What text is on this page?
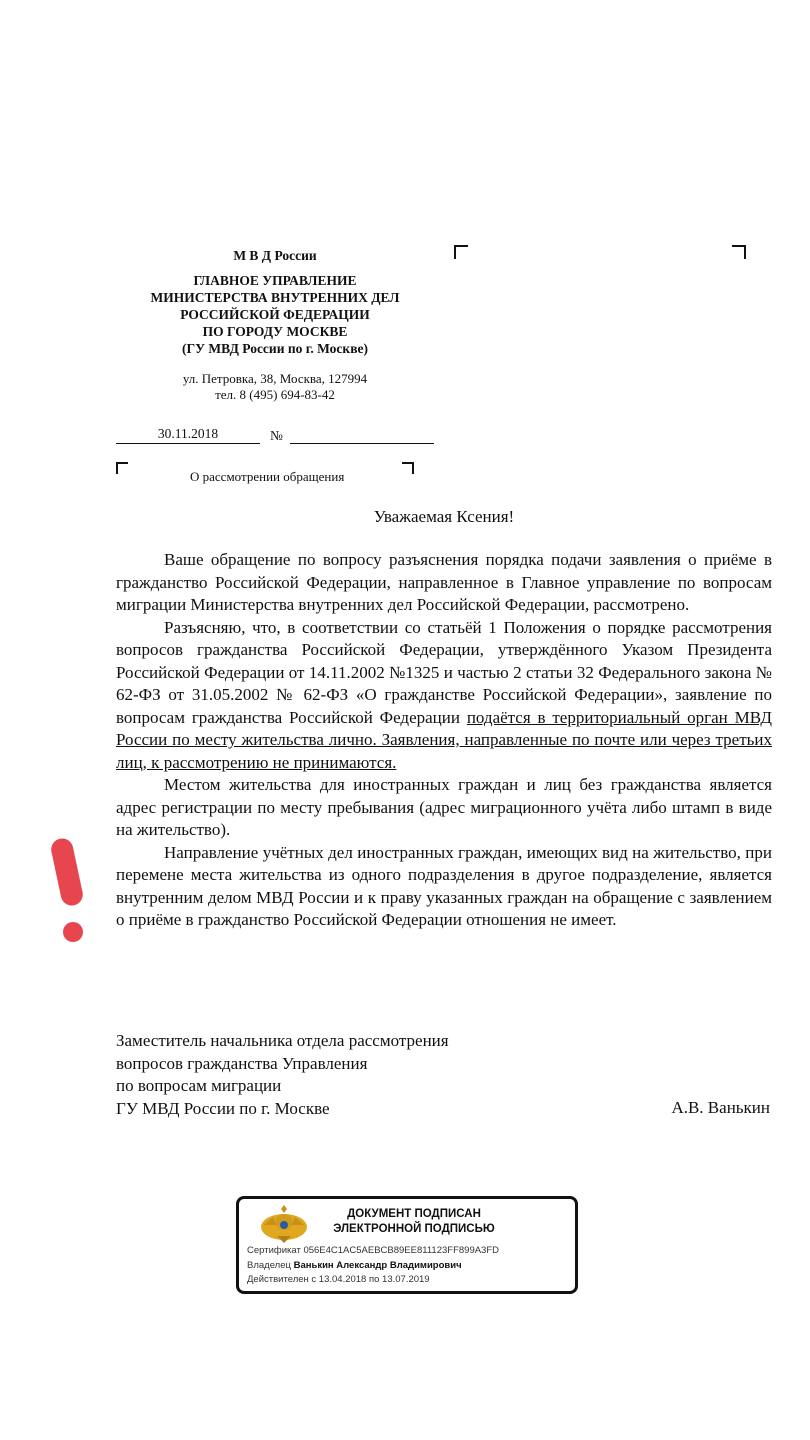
М В Д России
ГЛАВНОЕ УПРАВЛЕНИЕ
МИНИСТЕРСТВА ВНУТРЕННИХ ДЕЛ
РОССИЙСКОЙ ФЕДЕРАЦИИ
ПО ГОРОДУ МОСКВЕ
(ГУ МВД России по г. Москве)
ул. Петровка, 38, Москва, 127994
тел. 8 (495) 694-83-42
30.11.2018	№
О рассмотрении обращения
Уважаемая Ксения!

Ваше обращение по вопросу разъяснения порядка подачи заявления о приёме в гражданство Российской Федерации, направленное в Главное управление по вопросам миграции Министерства внутренних дел Российской Федерации, рассмотрено.

Разъясняю, что, в соответствии со статьёй 1 Положения о порядке рассмотрения вопросов гражданства Российской Федерации, утверждённого Указом Президента Российской Федерации от 14.11.2002 №1325 и частью 2 статьи 32 Федерального закона № 62-ФЗ от 31.05.2002 № 62-ФЗ «О гражданстве Российской Федерации», заявление по вопросам гражданства Российской Федерации подаётся в территориальный орган МВД России по месту жительства лично. Заявления, направленные по почте или через третьих лиц, к рассмотрению не принимаются.

Местом жительства для иностранных граждан и лиц без гражданства является адрес регистрации по месту пребывания (адрес миграционного учёта либо штамп в виде на жительство).

Направление учётных дел иностранных граждан, имеющих вид на жительство, при перемене места жительства из одного подразделения в другое подразделение, является внутренним делом МВД России и к праву указанных граждан на обращение с заявлением о приёме в гражданство Российской Федерации отношения не имеет.

Заместитель начальника отдела рассмотрения
вопросов гражданства Управления
по вопросам миграции
ГУ МВД России по г. Москве	А.В. Ванькин
ДОКУМЕНТ ПОДПИСАН
ЭЛЕКТРОННОЙ ПОДПИСЬЮ
Сертификат 056E4C1AC5AEBCB89EE811123FF899A3FD
Владелец Ванькин Александр Владимирович
Действителен с 13.04.2018 по 13.07.2019
